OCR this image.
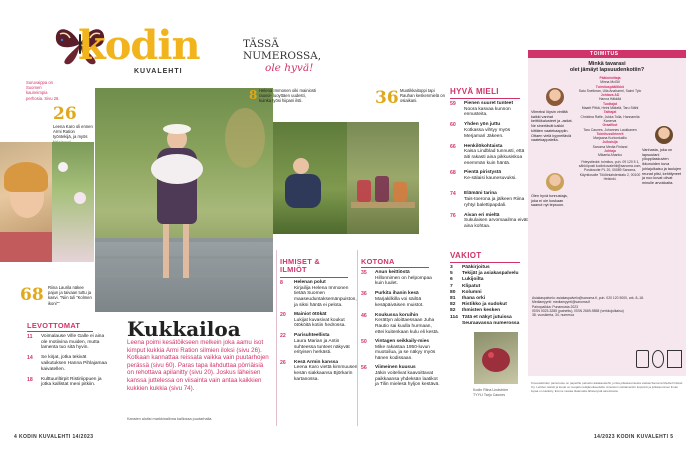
kodin
KUVALEHTI
TÄSSÄ
NUMEROSSA,
ole hyvä!
Suruvaippa on Suomen kauneimpia perhosia. Sivu 26.
26
Leena Karo oli ennen Armi Ration työntekijä, ja myös
68 Riina Laurila näkee pajun ja taivaan tuttu ja kasvi. "Niin tuli “Kolmen ikoni”"
LEVOTTOMAT
11 Voimalause Ville Galle ei aina ole motiivina muiden, mutta lamenta tuo sitä hyvin.
14 Se kirjat, jotka tekivät vaikutuksen Hanna Pihlajamaa kaivatellen.
18 Kulttuuriltirpit Ristiriippuen ja jotka kallistat meni pitkiin.
Kukkailoa
Leena poimi kesätöikseen melkein joka aamu isot kimput kukkia Armi Ration silmien iloksi (sivu 26). Kotkaan kannattaa reissata vaikka vain puutarhojen perässä (sivu 60). Paras tapa ilahduttaa pörriäisiä on rehottava apilanitty (sivu 20). Joskus läheisen kanssa juttelessa on viisainta vain antaa kaikkien kukkien kukkia (sivu 74).
Kansien aloitsi markkinalinna kalliossa puutarhalla.
8 Helena Immonen oiki mainiosti rauvoi- luoyttäen uudesti, kuinka työsi hiipani ilsti.	36 Muotikkaitoppi tapi Rauhan keskenmielä on osiaikani.
4 KODIN KUVALEHTI 14/2023
IHMISET &
ILMIÖT
8 Helenan polut
Kirjailija Helena Immonen tietää Suomen maaseuduntaksemänpuiston, ja siksi häntä ei pelota.
20 Mainiot ötökät
Lukijat kuvasivat koukut ötököitä kotiin hedrossa.
22 Parisuhteellista
Laura Marian ja Antin suhteessa tunteet näkyvät erityisen herkästi.
26 Kesä Armin kanssa
Leena Karo viettä kimmuusen kesän siakkaansa Björkarin kartanossa.
KOTONA
35 Anun keittiöstä
Hillonnimen on helpompaa kuin luulet.
36 Purkita ihanin kesä
Marjakilkilla voi säilöä kesäpäiväisen muistot.
46 Koukussa koruihin
Kerättyn aloittaessaan Juha Rautio sai kuulla hurmaan, ettei kuitenkaan kulu eli kestä.
50 Vintagen seikkaily-mies
Mike rakastaa 1950-luvun muotoilua, ja se näkyy myös hänen kodissaan.
56 Viimeinen kuusus
Jäkin voitelivat kaavoittavat paikkaansa yhdeksän laatikot ja Tilin mielesä hyljon kestävä.
HYVÄ MIELI
59 Pienen suuret tunteet
Noora kasvaa kunnon ennusteita.
60 Yhden yön juttu
Kotkassa vihtyy myös Merjamari Jäkeen.
66 Henkilökohtaista
Kaisa Lindblad tunnusti, että äiti rakasti aina pikkusiskoa enemmän kuin häntä.
68 Pientä piristystä
Ke-sälaisi kaunesuvuksi.
74 Elämäni tarina
Tais-toerona ja jälkeen Riina ryhtyi balettipapdali.
76 Aivan eri mieltä
Sukulaisen arvomaailma eivät aina kohtaa.
VAKIOT
3 Pääkirjoitus
5 Tekijät ja asiakaspalvelu
6 Lukijoilta
7 Klipatut
80 Kolumni
81 Ihana orki
82 Ristikko ja sudokut
82 Ihmisten kesken
114 Tätä et näkyt jutuissa
Seuraavassa numerossa
Kodin Riina Lindström
TYYLI Tarju Caunes
TOIMITUS
Minkä tavarasi
olet jämäyt lapsuudenkotiin?
Viimeksi löysin vintiltä kaikki vanhat keittiökalusteet ja -astiat. Ne sinertävät kaikki kiittäen vaatekaappiin. Ottaen vielä kyyneltäviä vaatekappaleita.
Olen hyvä tunnustaja, joka ei ole koskaan saanut nyt tepsuun.
Vanhasta, joka on lapsuutani ylioppilaskuvien ikkunoiden kuva juhlajulkaisu ja taulujen reunat pitsi, kehittyneet ja nuo kuvat olivat minulle arvokkaita.
Päätoimittaja
Minna McGill
Toimituspäällikkö
Satu Snellman, Ulla Anaharmi, Saimi Tylo
Johtava AD
Hanna Häkkilä
Tuottajat
Maarit Pitkä, Heini Mäkelä, Taru Stähl
Taittajat
Christina Rafle, Jukka Tolla, Hannamiia Kanerva
Graafikot
Taru Caunes, Johannes Laukkanen
Toimitussihteerit
Marjaana Kurkonkallio
Julkaisija
Sanoma Media Finland
Johtaja
Mikaela Ahanko
Yhteystiedot: toimitus, puh. 09 120 5 1, sähköposti kodinkuvalehti@sanoma.com, Postiosoite PL 20, 00089 Sanoma, Käyntiosoite Töölönlahdenkatu 2, 00100 Helsinki.
Asiakaspalvelu: asiakaspalvelu@sanoma.fi, puh. 020 120 5000, ark. 8–18.
Mediamyynti: mediamyynti@sanoma.fi
Painopaikka: Punamusta 2023
ISSN 0023-3285 (painettu), ISSN 2669-9858 (verkkojulkaisu)
38. vuosikerta, 34. numeroa
Kuvauslehden painotuote on paperille painettu aikakauslehti, jonka julkaisemisesta vastaa Sanoma Media Finland Oy. Lehden tekstit ja kuvat on suojattu tekijänoikeudella. Aineiston osittainenkin kopiointi ja julkaiseminen ilman lupaa on kielletty. Emme vastaa tilaamatta lähetetystä aineistosta.
14/2023 KODIN KUVALEHTI 5
